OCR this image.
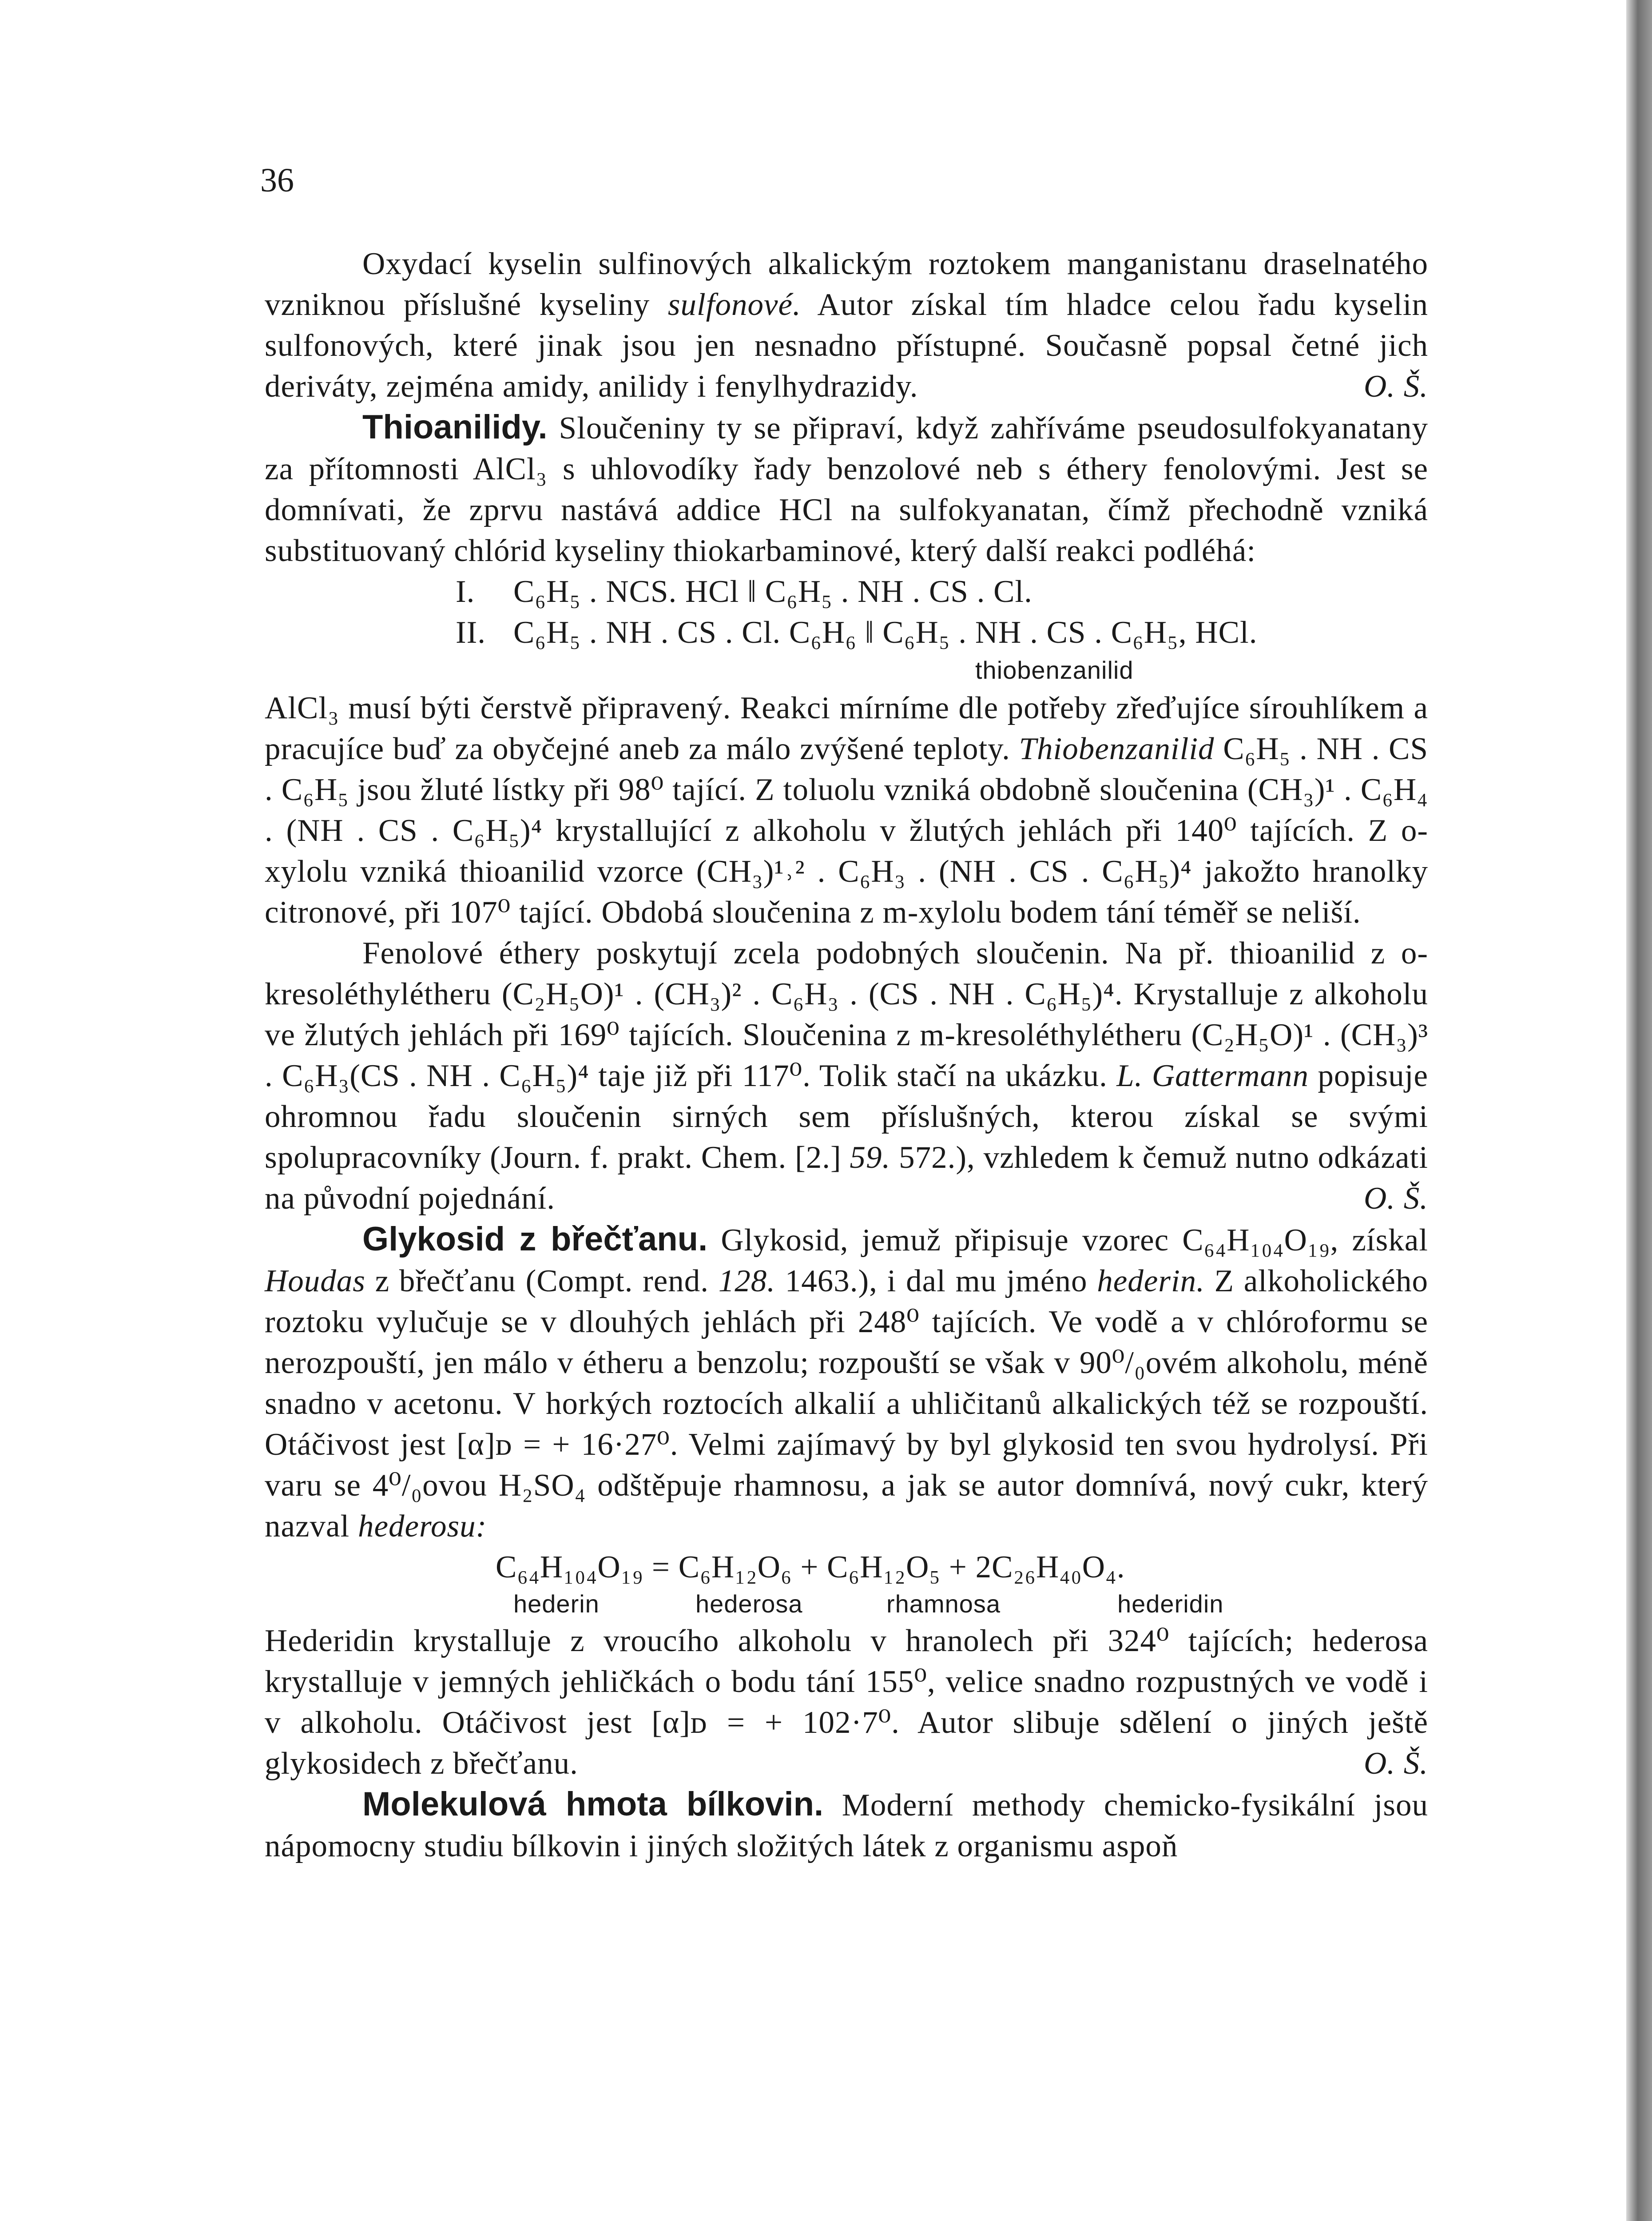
36

Oxydací kyselin sulfinových alkalickým roztokem manganistanu draselnatého vzniknou příslušné kyseliny sulfonové. Autor získal tím hladce celou řadu kyselin sulfonových, které jinak jsou jen nesnadno přístupné. Současně popsal četné jich deriváty, zejména amidy, anilidy i fenylhydrazidy.	O. Š.

Thioanilidy. Sloučeniny ty se připraví, když zahříváme pseudosulfokyanatany za přítomnosti AlCl₃ s uhlovodíky řady benzolové neb s éthery fenolovými. Jest se domnívati, že zprvu nastává addice HCl na sulfokyanatan, čímž přechodně vzniká substituovaný chlórid kyseliny thiokarbaminové, který další reakci podléhá:

I. C₆H₅ . NCS. HCl ‖ C₆H₅ . NH . CS . Cl.

II. C₆H₅ . NH . CS . Cl. C₆H₆ ‖ C₆H₅ . NH . CS . C₆H₅, HCl.

thiobenzanilid

AlCl₃ musí býti čerstvě připravený. Reakci mírníme dle potřeby zřeďujíce sírouhlíkem a pracujíce buď za obyčejné aneb za málo zvýšené teploty. Thiobenzanilid C₆H₅ . NH . CS . C₆H₅ jsou žluté lístky při 98⁰ tající. Z toluolu vzniká obdobně sloučenina (CH₃)¹ . C₆H₄ . (NH . CS . C₆H₅)⁴ krystallující z alkoholu v žlutých jehlách při 140⁰ tajících. Z o-xylolu vzniká thioanilid vzorce (CH₃)¹˒² . C₆H₃ . (NH . CS . C₆H₅)⁴ jakožto hranolky citronové, při 107⁰ tající. Obdobá sloučenina z m-xylolu bodem tání téměř se neliší.

Fenolové éthery poskytují zcela podobných sloučenin. Na př. thioanilid z o-kresoléthylétheru (C₂H₅O)¹ . (CH₃)² . C₆H₃ . (CS . NH . C₆H₅)⁴. Krystalluje z alkoholu ve žlutých jehlách při 169⁰ tajících. Sloučenina z m-kresoléthylétheru (C₂H₅O)¹ . (CH₃)³ . C₆H₃(CS . NH . C₆H₅)⁴ taje již při 117⁰. Tolik stačí na ukázku. L. Gattermann popisuje ohromnou řadu sloučenin sirných sem příslušných, kterou získal se svými spolupracovníky (Journ. f. prakt. Chem. [2.] 59. 572.), vzhledem k čemuž nutno odkázati na původní pojednání.	O. Š.

Glykosid z břečťanu. Glykosid, jemuž připisuje vzorec C₆₄H₁₀₄O₁₉, získal Houdas z břečťanu (Compt. rend. 128. 1463.), i dal mu jméno hederin. Z alkoholického roztoku vylučuje se v dlouhých jehlách při 248⁰ tajících. Ve vodě a v chlóroformu se nerozpouští, jen málo v étheru a benzolu; rozpouští se však v 90⁰/₀ovém alkoholu, méně snadno v acetonu. V horkých roztocích alkalií a uhličitanů alkalických též se rozpouští. Otáčivost jest [α]ᴅ = + 16·27⁰. Velmi zajímavý by byl glykosid ten svou hydrolysí. Při varu se 4⁰/₀ovou H₂SO₄ odštěpuje rhamnosu, a jak se autor domnívá, nový cukr, který nazval hederosu:

C₆₄H₁₀₄O₁₉ = C₆H₁₂O₆ + C₆H₁₂O₅ + 2C₂₆H₄₀O₄.

hederin	hederosa	rhamnosa	hederidin

Hederidin krystalluje z vroucího alkoholu v hranolech při 324⁰ tajících; hederosa krystalluje v jemných jehličkách o bodu tání 155⁰, velice snadno rozpustných ve vodě i v alkoholu. Otáčivost jest [α]ᴅ = + 102·7⁰. Autor slibuje sdělení o jiných ještě glykosidech z břečťanu.	O. Š.

Molekulová hmota bílkovin. Moderní methody chemicko-fysikální jsou nápomocny studiu bílkovin i jiných složitých látek z organismu aspoň
